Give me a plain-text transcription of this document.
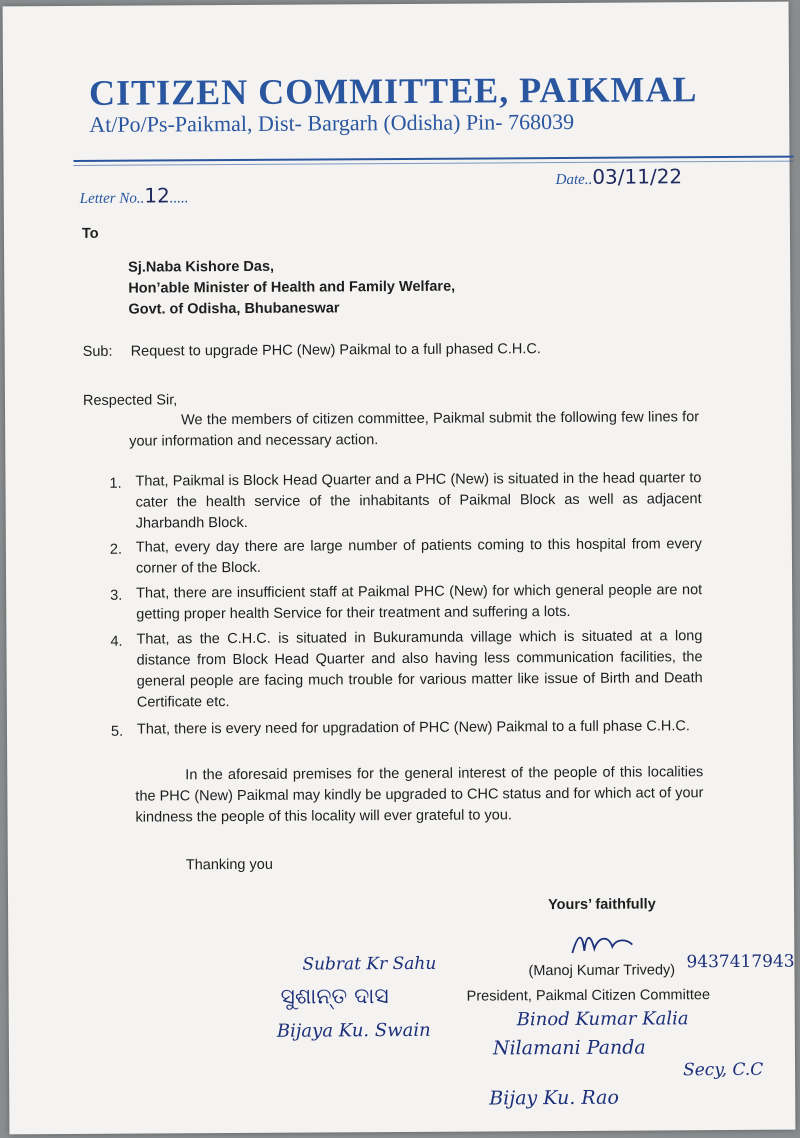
CITIZEN COMMITTEE, PAIKMAL
At/Po/Ps-Paikmal, Dist- Bargarh (Odisha) Pin- 768039
Letter No..12.....
Date..03/11/22
To
Sj.Naba Kishore Das,
Hon’able Minister of Health and Family Welfare,
Govt. of Odisha, Bhubaneswar
Sub: Request to upgrade PHC (New) Paikmal to a full phased C.H.C.
Respected Sir,
We the members of citizen committee, Paikmal submit the following few lines for your information and necessary action.
1. That, Paikmal is Block Head Quarter and a PHC (New) is situated in the head quarter to cater the health service of the inhabitants of Paikmal Block as well as adjacent Jharbandh Block.
2. That, every day there are large number of patients coming to this hospital from every corner of the Block.
3. That, there are insufficient staff at Paikmal PHC (New) for which general people are not getting proper health Service for their treatment and suffering a lots.
4. That, as the C.H.C. is situated in Bukuramunda village which is situated at a long distance from Block Head Quarter and also having less communication facilities, the general people are facing much trouble for various matter like issue of Birth and Death Certificate etc.
5. That, there is every need for upgradation of PHC (New) Paikmal to a full phase C.H.C.
In the aforesaid premises for the general interest of the people of this localities the PHC (New) Paikmal may kindly be upgraded to CHC status and for which act of your kindness the people of this locality will ever grateful to you.
Thanking you
Yours’ faithfully
(Manoj Kumar Trivedy) 9437417943
President, Paikmal Citizen Committee
Subrat Kr Sahu
ସୁଶାନ୍ତ ଦାସ
Bijaya Ku. Swain
Binod Kumar Kalia
Nilamani Panda
Secy, C.C
Bijay Ku. Rao
